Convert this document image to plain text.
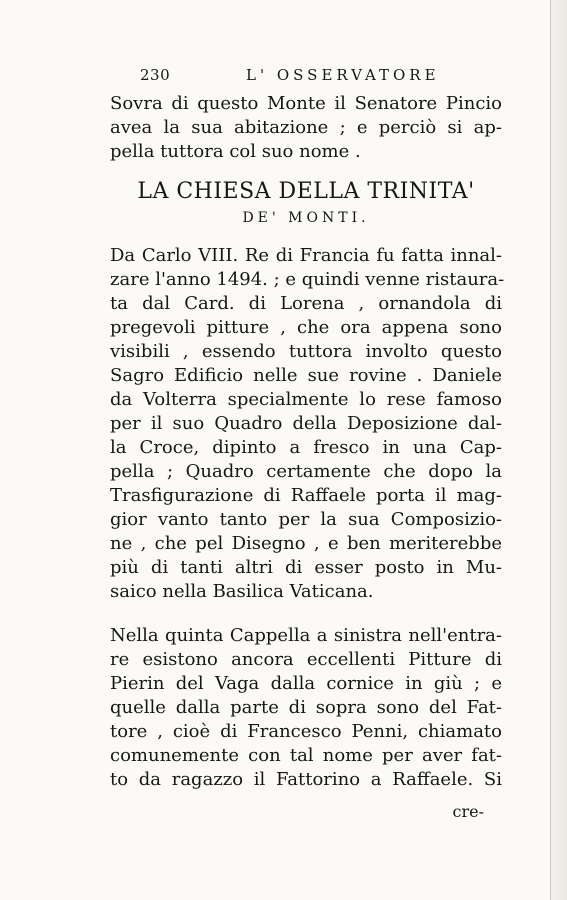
230	L' OSSERVATORE
Sovra di questo Monte il Senatore Pincio
avea la sua abitazione ; e perciò si ap-
pella tuttora col suo nome .
LA CHIESA DELLA TRINITA'
DE' MONTI.
Da Carlo VIII. Re di Francia fu fatta innal-
zare l'anno 1494. ; e quindi venne ristaura-
ta dal Card. di Lorena , ornandola di
pregevoli pitture , che ora appena sono
visibili , essendo tuttora involto questo
Sagro Edificio nelle sue rovine . Daniele
da Volterra specialmente lo rese famoso
per il suo Quadro della Deposizione dal-
la Croce, dipinto a fresco in una Cap-
pella ; Quadro certamente che dopo la
Trasfigurazione di Raffaele porta il mag-
gior vanto tanto per la sua Composizio-
ne , che pel Disegno , e ben meriterebbe
più di tanti altri di esser posto in Mu-
saico nella Basilica Vaticana.
Nella quinta Cappella a sinistra nell'entra-
re esistono ancora eccellenti Pitture di
Pierin del Vaga dalla cornice in giù ; e
quelle dalla parte di sopra sono del Fat-
tore , cioè di Francesco Penni, chiamato
comunemente con tal nome per aver fat-
to da ragazzo il Fattorino a Raffaele. Si
cre-
